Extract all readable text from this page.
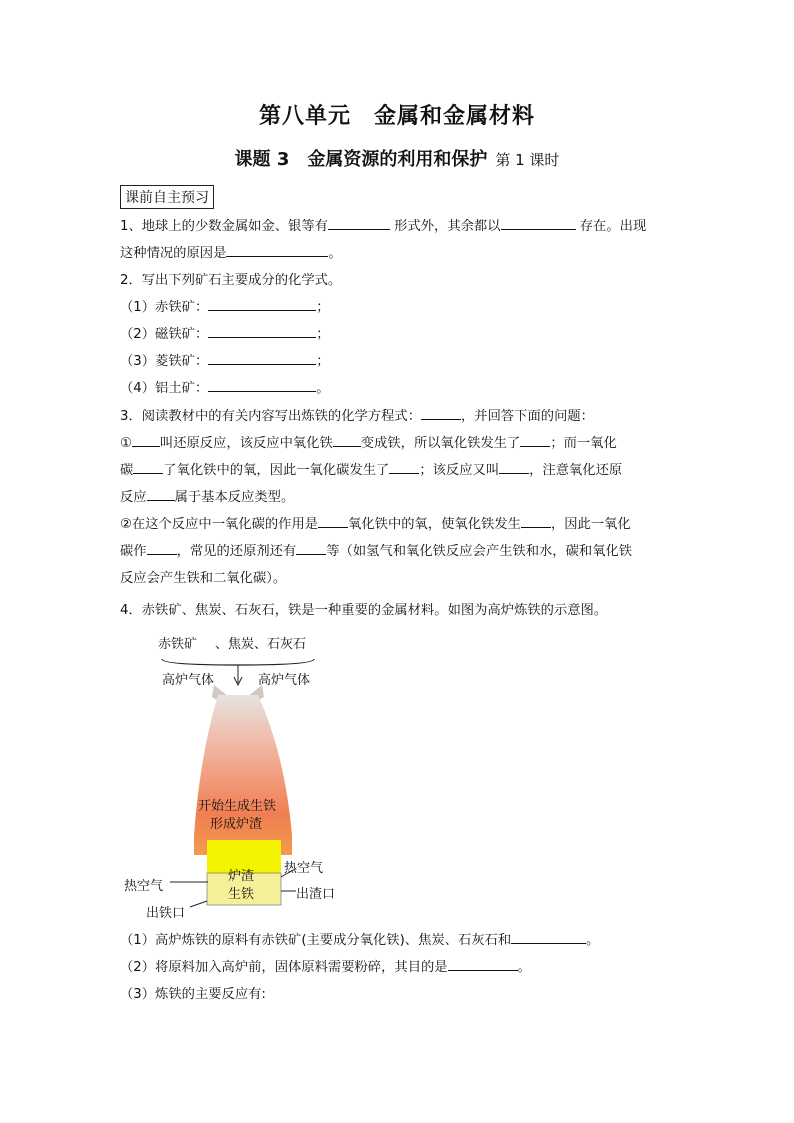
第八单元　金属和金属材料
课题 3　金属资源的利用和保护 第 1 课时
课前自主预习
1、地球上的少数金属如金、银等有	形式外，其余都以	存在。出现
这种情况的原因是	。
2．写出下列矿石主要成分的化学式。
（1）赤铁矿：	；
（2）磁铁矿：	；
（3）菱铁矿：	；
（4）铝土矿：	。
3．阅读教材中的有关内容写出炼铁的化学方程式：	，并回答下面的问题：
① 叫还原反应，该反应中氧化铁 变成铁，所以氧化铁发生了 ；而一氧化
碳 了氧化铁中的氧，因此一氧化碳发生了 ；该反应又叫 ，注意氧化还原
反应 属于基本反应类型。
②在这个反应中一氧化碳的作用是 氧化铁中的氧，使氧化铁发生 ，因此一氧化
碳作 ，常见的还原剂还有 等（如氢气和氧化铁反应会产生铁和水，碳和氧化铁
反应会产生铁和二氧化碳）。
4．赤铁矿、焦炭、石灰石，铁是一种重要的金属材料。如图为高炉炼铁的示意图。
赤铁矿 、焦炭、石灰石
高炉气体	高炉气体
开始生成生铁
形成炉渣
炉渣
生铁
热空气
热空气
出渣口
出铁口
（1）高炉炼铁的原料有赤铁矿(主要成分氧化铁)、焦炭、石灰石和	。
（2）将原料加入高炉前，固体原料需要粉碎，其目的是	。
（3）炼铁的主要反应有:
